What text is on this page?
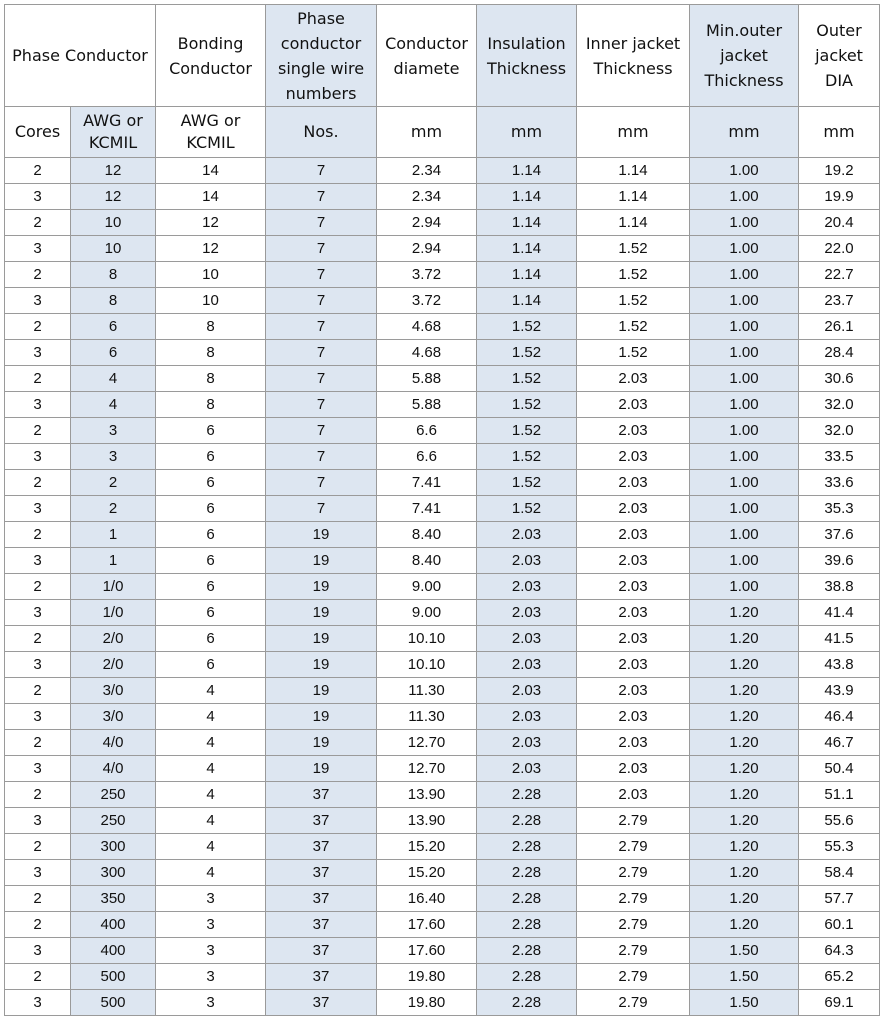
Phase Conductor		Bonding Conductor	Phase conductor single wire numbers	Conductor diamete	Insulation Thickness	Inner jacket Thickness	Min.outer jacket Thickness	Outer jacket DIA
Cores	AWG or KCMIL	AWG or KCMIL	Nos.	mm	mm	mm	mm	mm
2	12	14	7	2.34	1.14	1.14	1.00	19.2
3	12	14	7	2.34	1.14	1.14	1.00	19.9
2	10	12	7	2.94	1.14	1.14	1.00	20.4
3	10	12	7	2.94	1.14	1.52	1.00	22.0
2	8	10	7	3.72	1.14	1.52	1.00	22.7
3	8	10	7	3.72	1.14	1.52	1.00	23.7
2	6	8	7	4.68	1.52	1.52	1.00	26.1
3	6	8	7	4.68	1.52	1.52	1.00	28.4
2	4	8	7	5.88	1.52	2.03	1.00	30.6
3	4	8	7	5.88	1.52	2.03	1.00	32.0
2	3	6	7	6.6	1.52	2.03	1.00	32.0
3	3	6	7	6.6	1.52	2.03	1.00	33.5
2	2	6	7	7.41	1.52	2.03	1.00	33.6
3	2	6	7	7.41	1.52	2.03	1.00	35.3
2	1	6	19	8.40	2.03	2.03	1.00	37.6
3	1	6	19	8.40	2.03	2.03	1.00	39.6
2	1/0	6	19	9.00	2.03	2.03	1.00	38.8
3	1/0	6	19	9.00	2.03	2.03	1.20	41.4
2	2/0	6	19	10.10	2.03	2.03	1.20	41.5
3	2/0	6	19	10.10	2.03	2.03	1.20	43.8
2	3/0	4	19	11.30	2.03	2.03	1.20	43.9
3	3/0	4	19	11.30	2.03	2.03	1.20	46.4
2	4/0	4	19	12.70	2.03	2.03	1.20	46.7
3	4/0	4	19	12.70	2.03	2.03	1.20	50.4
2	250	4	37	13.90	2.28	2.03	1.20	51.1
3	250	4	37	13.90	2.28	2.79	1.20	55.6
2	300	4	37	15.20	2.28	2.79	1.20	55.3
3	300	4	37	15.20	2.28	2.79	1.20	58.4
2	350	3	37	16.40	2.28	2.79	1.20	57.7
2	400	3	37	17.60	2.28	2.79	1.20	60.1
3	400	3	37	17.60	2.28	2.79	1.50	64.3
2	500	3	37	19.80	2.28	2.79	1.50	65.2
3	500	3	37	19.80	2.28	2.79	1.50	69.1
